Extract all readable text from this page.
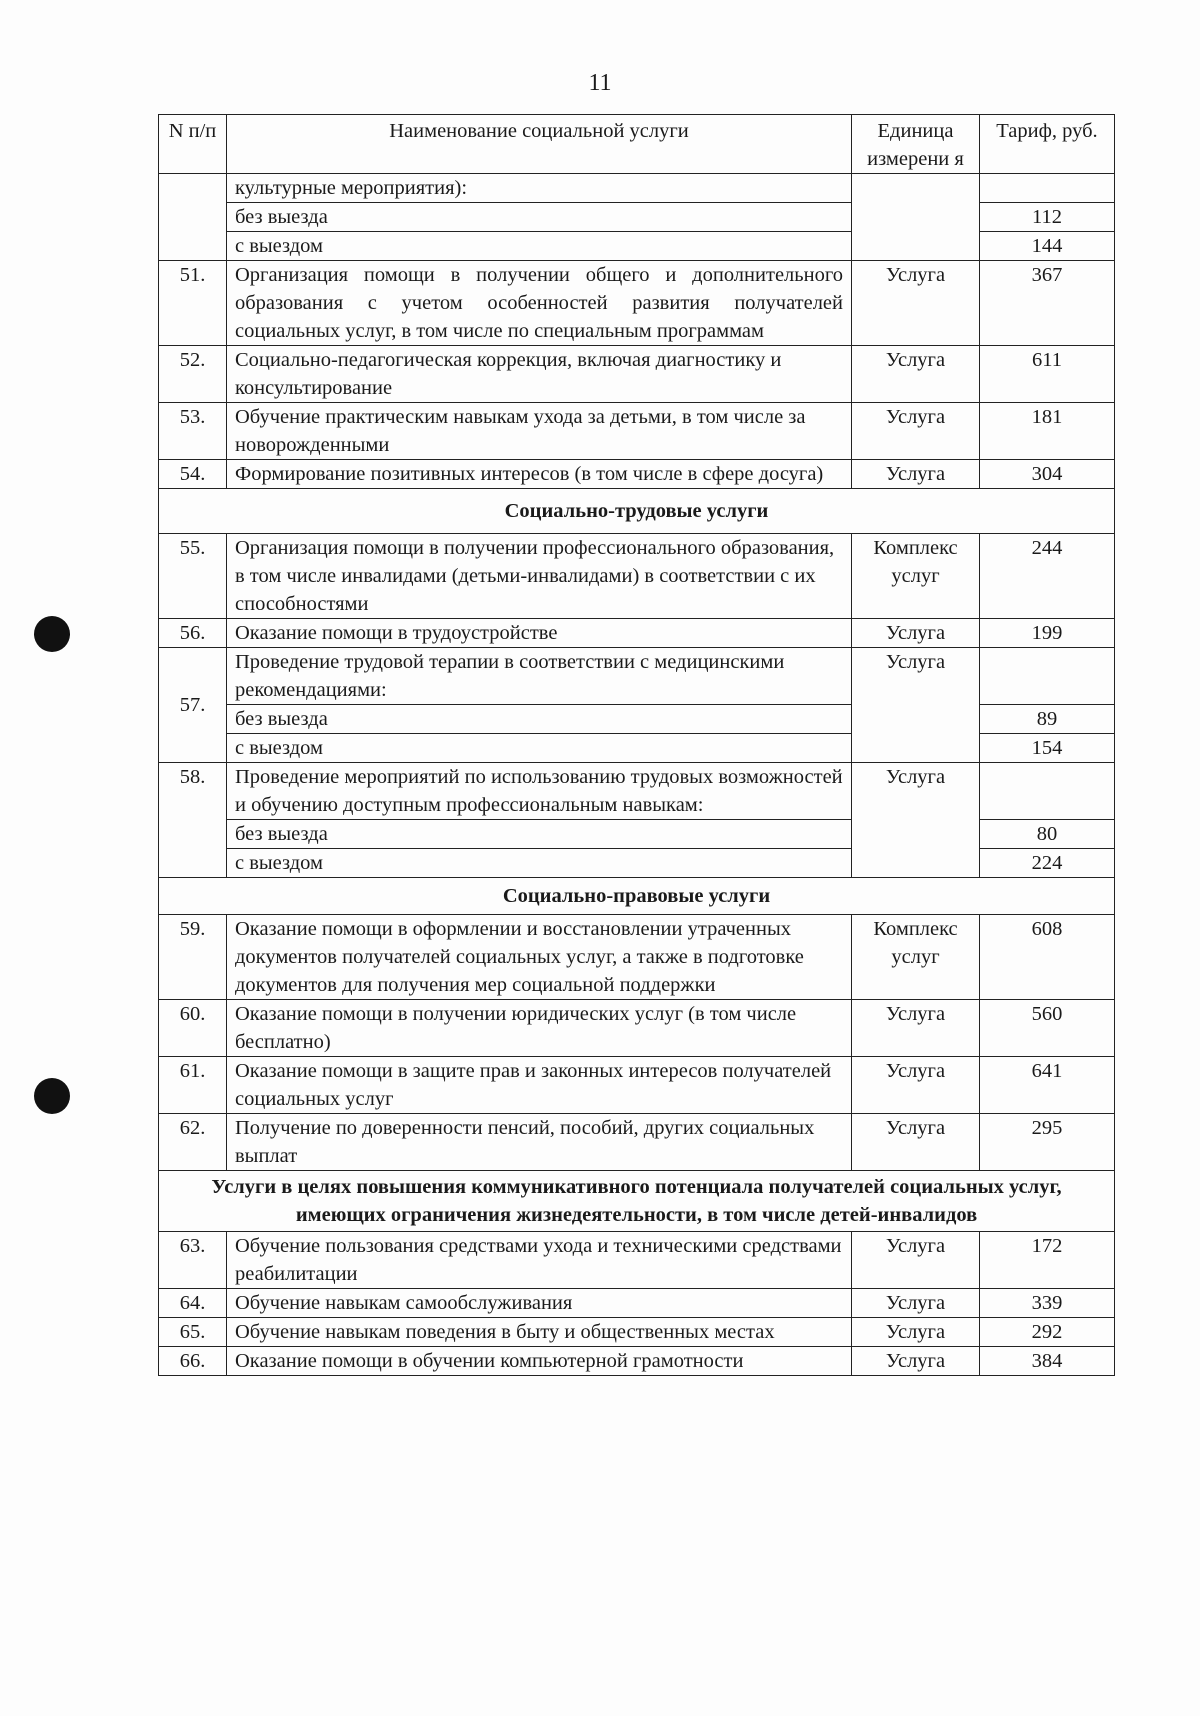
11
N п/п	Наименование социальной услуги	Единица измерени я	Тариф, руб.
	культурные мероприятия):		
	без выезда		112
	с выездом		144
51.	Организация помощи в получении общего и дополнительного образования с учетом особенностей развития получателей социальных услуг, в том числе по специальным программам	Услуга	367
52.	Социально-педагогическая коррекция, включая диагностику и консультирование	Услуга	611
53.	Обучение практическим навыкам ухода за детьми, в том числе за новорожденными	Услуга	181
54.	Формирование позитивных интересов (в том числе в сфере досуга)	Услуга	304
Социально-трудовые услуги			
55.	Организация помощи в получении профессионального образования, в том числе инвалидами (детьми-инвалидами) в соответствии с их способностями	Комплекс услуг	244
56.	Оказание помощи в трудоустройстве	Услуга	199
57.	Проведение трудовой терапии в соответствии с медицинскими рекомендациями:	Услуга	
	без выезда		89
	с выездом		154
58.	Проведение мероприятий по использованию трудовых возможностей и обучению доступным профессиональным навыкам:	Услуга	
	без выезда		80
	с выездом		224
Социально-правовые услуги			
59.	Оказание помощи в оформлении и восстановлении утраченных документов получателей социальных услуг, а также в подготовке документов для получения мер социальной поддержки	Комплекс услуг	608
60.	Оказание помощи в получении юридических услуг (в том числе бесплатно)	Услуга	560
61.	Оказание помощи в защите прав и законных интересов получателей социальных услуг	Услуга	641
62.	Получение по доверенности пенсий, пособий, других социальных выплат	Услуга	295
Услуги в целях повышения коммуникативного потенциала получателей социальных услуг, имеющих ограничения жизнедеятельности, в том числе детей-инвалидов			
63.	Обучение пользования средствами ухода и техническими средствами реабилитации	Услуга	172
64.	Обучение навыкам самообслуживания	Услуга	339
65.	Обучение навыкам поведения в быту и общественных местах	Услуга	292
66.	Оказание помощи в обучении компьютерной грамотности	Услуга	384
